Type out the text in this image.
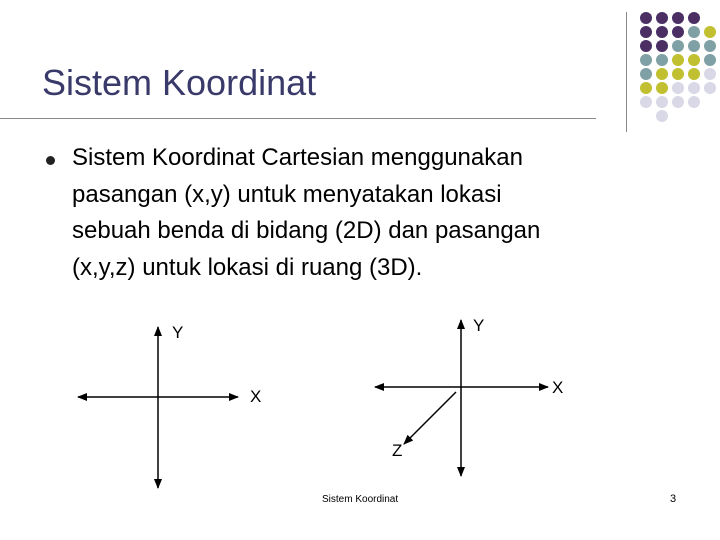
Sistem Koordinat

Sistem Koordinat Cartesian menggunakan
pasangan (x,y) untuk menyatakan lokasi
sebuah benda di bidang (2D) dan pasangan
(x,y,z) untuk lokasi di ruang (3D).

Y
X
Y
X
Z
Sistem Koordinat	3
